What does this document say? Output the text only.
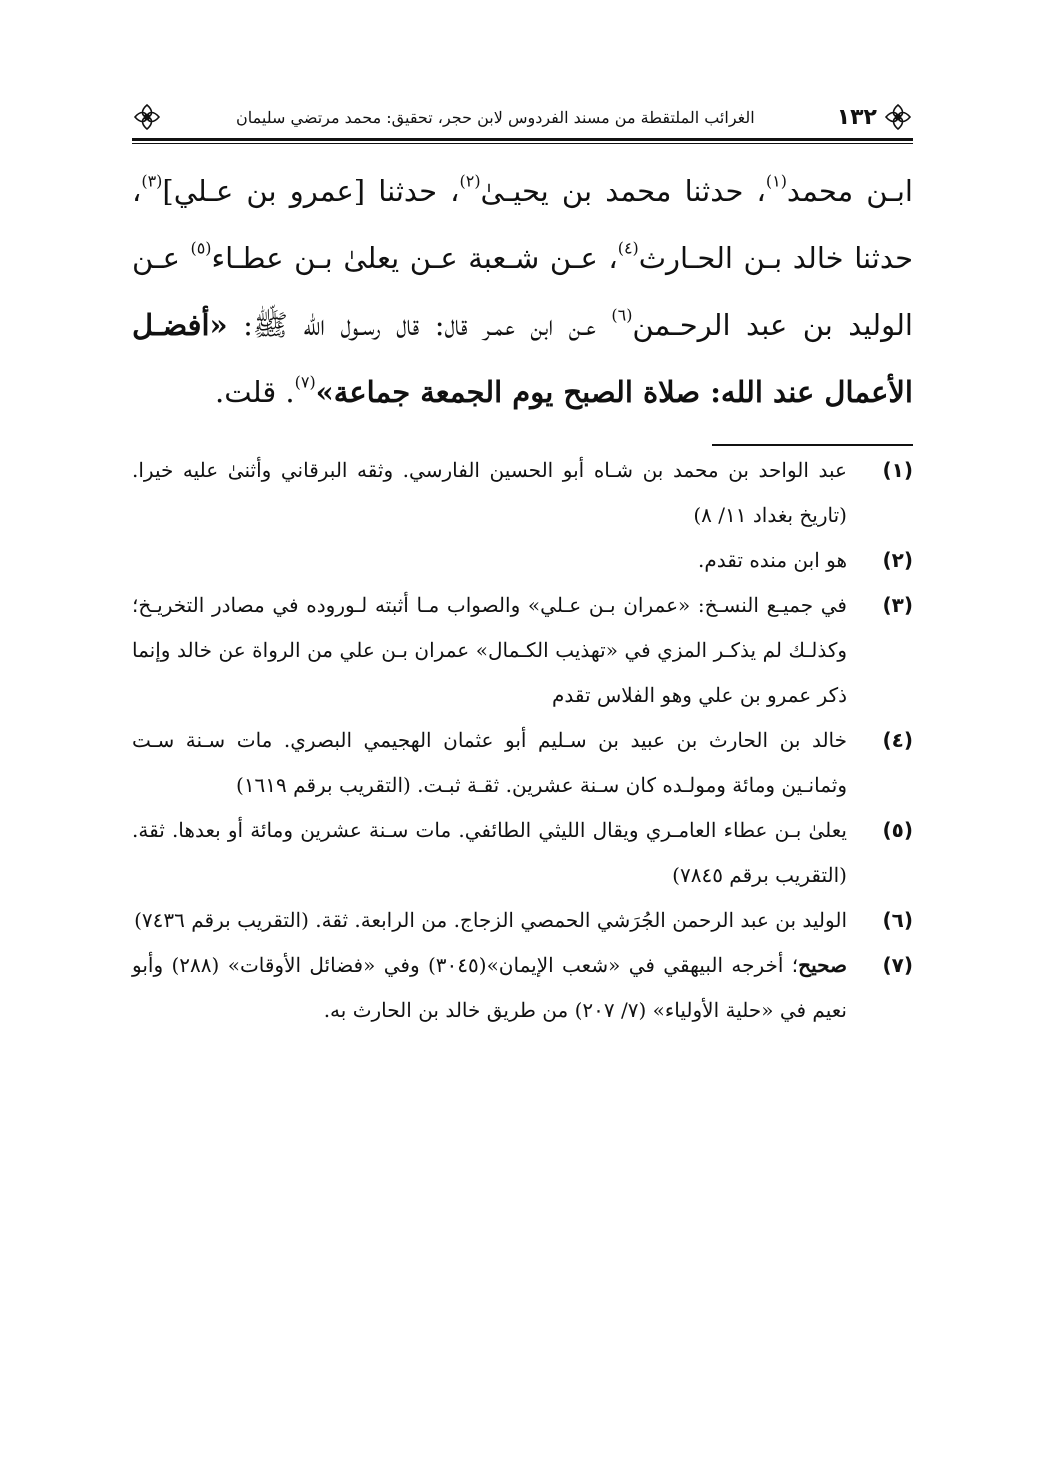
١٣٢
الغرائب الملتقطة من مسند الفردوس لابن حجر، تحقيق: محمد مرتضي سليمان
ابـن محمد$^{(١)}$، حدثنا محمد بن يحيـىٰ$^{(٢)}$، حدثنا [عمرو بن عـلي]$^{(٣)}$، حدثنا خالد بـن الحـارث$^{(٤)}$، عـن شـعبة عـن يعلىٰ بـن عطـاء$^{(٥)}$ عـن الوليد بن عبد الرحـمن$^{(٦)}$ عـن ابن عمـر قال: قال رسـول الله ﷺ: «أفضـل الأعمال عند الله: صلاة الصبح يوم الجمعة جماعة»$^{(٧)}$. قلت.
(١)
عبد الواحد بن محمد بن شـاه أبو الحسين الفارسي. وثقه البرقاني وأثنىٰ عليه خيرا. (تاريخ بغداد ١١/ ٨)
(٢)
هو ابن منده تقدم.
(٣)
في جميـع النسـخ: «عمران بـن عـلي» والصواب مـا أثبته لـوروده في مصادر التخريـخ؛ وكذلـك لم يذكـر المزي في «تهذيب الكـمال» عمران بـن علي من الرواة عن خالد وإنما ذكر عمرو بن علي وهو الفلاس تقدم
(٤)
خالد بن الحارث بن عبيد بن سـليم أبو عثمان الهجيمي البصري. مات سـنة سـت وثمانـين ومائة ومولـده كان سـنة عشرين. ثقـة ثبـت. (التقريب برقم ١٦١٩)
(٥)
يعلىٰ بـن عطاء العامـري ويقال الليثي الطائفي. مات سـنة عشرين ومائة أو بعدها. ثقة.(التقريب برقم ٧٨٤٥)
(٦)
الوليد بن عبد الرحمن الجُرَشي الحمصي الزجاج. من الرابعة. ثقة. (التقريب برقم ٧٤٣٦)
(٧)
صحيح؛ أخرجه البيهقي في «شعب الإيمان»(٣٠٤٥) وفي «فضائل الأوقات» (٢٨٨) وأبو نعيم في «حلية الأولياء» (٧/ ٢٠٧) من طريق خالد بن الحارث به.
